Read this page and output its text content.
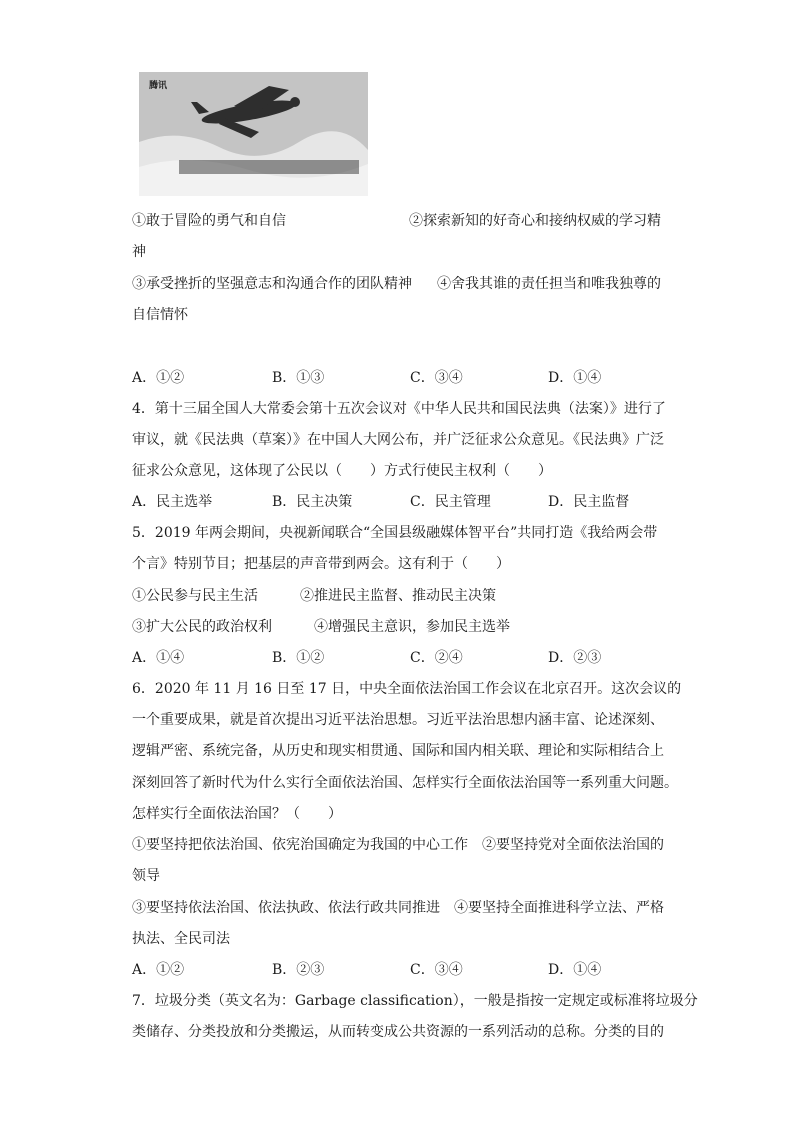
腾讯
①敢于冒险的勇气和自信	②探索新知的好奇心和接纳权威的学习精
神
③承受挫折的坚强意志和沟通合作的团队精神 ④舍我其谁的责任担当和唯我独尊的
自信情怀
A．①②	B．①③	C．③④	D．①④
4．第十三届全国人大常委会第十五次会议对《中华人民共和国民法典（法案）》进行了
审议，就《民法典（草案）》在中国人大网公布，并广泛征求公众意见。《民法典》广泛
征求公众意见，这体现了公民以（　　）方式行使民主权利（　　）
A．民主选举	B．民主决策	C．民主管理	D．民主监督
5．2019 年两会期间，央视新闻联合“全国县级融媒体智平台”共同打造《我给两会带
个言》特别节目；把基层的声音带到两会。这有利于（　　）
①公民参与民主生活　　　②推进民主监督、推动民主决策
③扩大公民的政治权利　　　④增强民主意识，参加民主选举
A．①④	B．①②	C．②④	D．②③
6．2020 年 11 月 16 日至 17 日，中央全面依法治国工作会议在北京召开。这次会议的
一个重要成果，就是首次提出习近平法治思想。习近平法治思想内涵丰富、论述深刻、
逻辑严密、系统完备，从历史和现实相贯通、国际和国内相关联、理论和实际相结合上
深刻回答了新时代为什么实行全面依法治国、怎样实行全面依法治国等一系列重大问题。
怎样实行全面依法治国？（　　）
①要坚持把依法治国、依宪治国确定为我国的中心工作　②要坚持党对全面依法治国的
领导
③要坚持依法治国、依法执政、依法行政共同推进　④要坚持全面推进科学立法、严格
执法、全民司法
A．①②	B．②③	C．③④	D．①④
7．垃圾分类（英文名为：Garbage classification），一般是指按一定规定或标准将垃圾分
类储存、分类投放和分类搬运，从而转变成公共资源的一系列活动的总称。分类的目的
